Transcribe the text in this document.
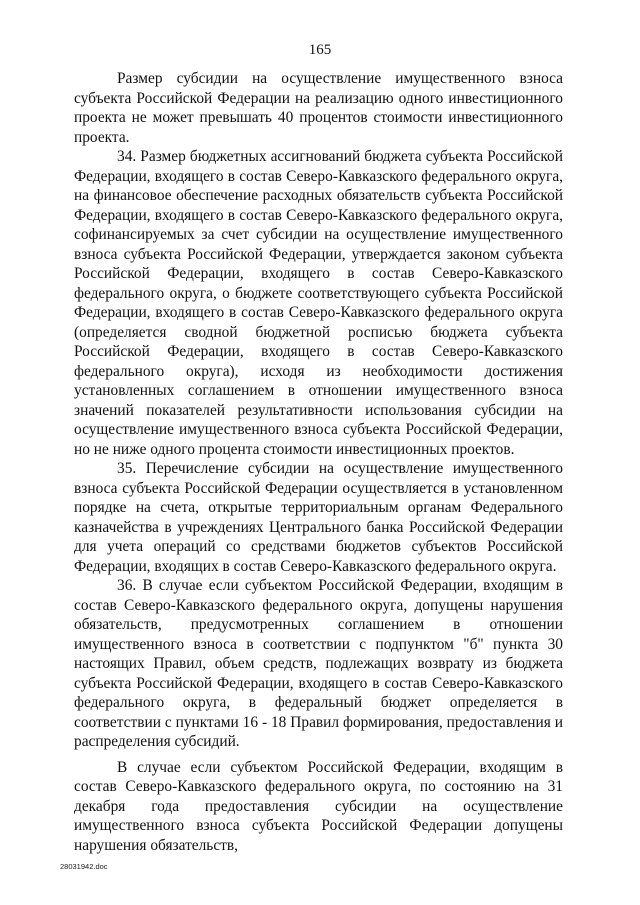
165

Размер субсидии на осуществление имущественного взноса субъекта Российской Федерации на реализацию одного инвестиционного проекта не может превышать 40 процентов стоимости инвестиционного проекта.

34. Размер бюджетных ассигнований бюджета субъекта Российской Федерации, входящего в состав Северо-Кавказского федерального округа, на финансовое обеспечение расходных обязательств субъекта Российской Федерации, входящего в состав Северо-Кавказского федерального округа, софинансируемых за счет субсидии на осуществление имущественного взноса субъекта Российской Федерации, утверждается законом субъекта Российской Федерации, входящего в состав Северо-Кавказского федерального округа, о бюджете соответствующего субъекта Российской Федерации, входящего в состав Северо-Кавказского федерального округа (определяется сводной бюджетной росписью бюджета субъекта Российской Федерации, входящего в состав Северо-Кавказского федерального округа), исходя из необходимости достижения установленных соглашением в отношении имущественного взноса значений показателей результативности использования субсидии на осуществление имущественного взноса субъекта Российской Федерации, но не ниже одного процента стоимости инвестиционных проектов.

35. Перечисление субсидии на осуществление имущественного взноса субъекта Российской Федерации осуществляется в установленном порядке на счета, открытые территориальным органам Федерального казначейства в учреждениях Центрального банка Российской Федерации для учета операций со средствами бюджетов субъектов Российской Федерации, входящих в состав Северо-Кавказского федерального округа.

36. В случае если субъектом Российской Федерации, входящим в состав Северо-Кавказского федерального округа, допущены нарушения обязательств, предусмотренных соглашением в отношении имущественного взноса в соответствии с подпунктом "б" пункта 30 настоящих Правил, объем средств, подлежащих возврату из бюджета субъекта Российской Федерации, входящего в состав Северо-Кавказского федерального округа, в федеральный бюджет определяется в соответствии с пунктами 16 - 18 Правил формирования, предоставления и распределения субсидий.

В случае если субъектом Российской Федерации, входящим в состав Северо-Кавказского федерального округа, по состоянию на 31 декабря года предоставления субсидии на осуществление имущественного взноса субъекта Российской Федерации допущены нарушения обязательств,

28031942.doc
